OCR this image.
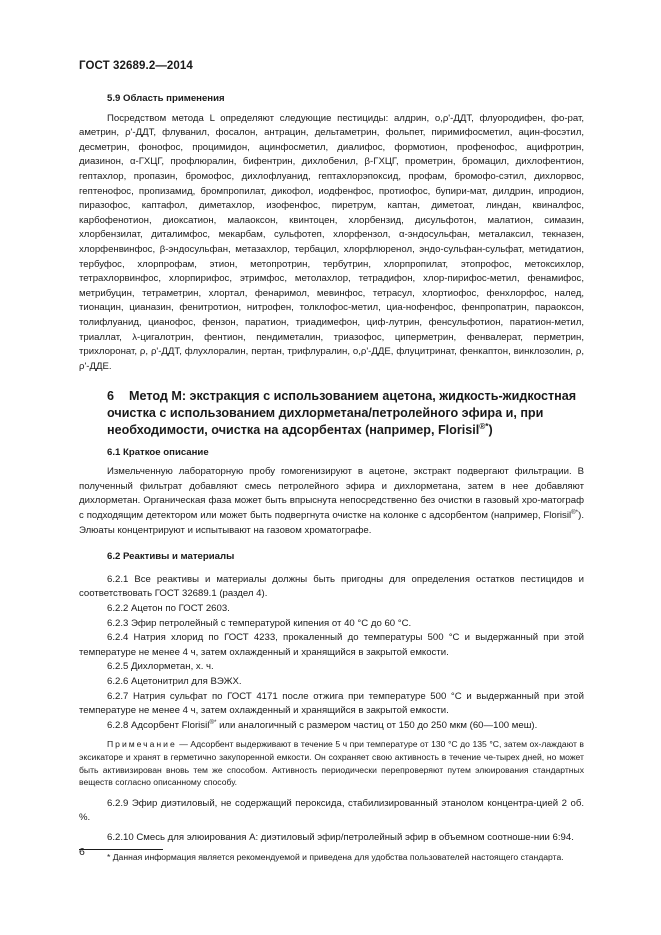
ГОСТ 32689.2—2014

5.9 Область применения

Посредством метода L определяют следующие пестициды: алдрин, о,ρ'-ДДТ, флуородифен, фо-рат, аметрин, ρ'-ДДТ, флуванил, фосалон, антрацин, дельтаметрин, фольпет, пиримифосметил, ацин-фосэтил, десметрин, фонофос, процимидон, ацинфосметил, диалифос, формотион, профенофос, ацифротрин, диазинон, α-ГХЦГ, профлюралин, бифентрин, дихлобенил, β-ГХЦГ, прометрин, бромацил, дихлофентион, гептахлор, пропазин, бромофос, дихлофлуанид, гептахлорэпоксид, профам, бромофо-сэтил, дихлорвос, гептенофос, пропизамид, бромпропилат, дикофол, иодфенфос, протиофос, бупири-мат, дилдрин, ипродион, пиразофос, каптафол, диметахлор, изофенфос, пиретрум, каптан, диметоат, линдан, квиналфос, карбофенотион, диоксатион, малаоксон, квинтоцен, хлорбензид, дисульфотон, малатион, симазин, хлорбензилат, диталимфос, мекарбам, сульфотеп, хлорфензол, α-эндосульфан, металаксил, текназен, хлорфенвинфос, β-эндосульфан, метазахлор, тербацил, хлорфлюренол, эндо-сульфан-сульфат, метидатион, тербуфос, хлорпрофам, этион, метопротрин, тербутрин, хлорпропилат, этопрофос, метоксихлор, тетрахлорвинфос, хлорпирифос, этримфос, метолахлор, тетрадифон, хлор-пирифос-метил, фенамифос, метрибуцин, тетраметрин, хлортал, фенаримол, мевинфос, тетрасул, хлортиофос, фенхлорфос, налед, тионацин, цианазин, фенитротион, нитрофен, толклофос-метил, циа-нофенфос, фенпропатрин, параоксон, толифлуанид, цианофос, фензон, паратион, триадимефон, циф-лутрин, фенсульфотион, паратион-метил, триаллат, λ-цигалотрин, фентион, пендиметалин, триазофос, циперметрин, фенвалерат, перметрин, трихлоронат, ρ, ρ'-ДДТ, флухлоралин, пертан, трифлуралин, о,ρ'-ДДЕ, флуцитринат, фенкаптон, винклозолин, ρ, ρ'-ДДЕ.

6 Метод M: экстракция с использованием ацетона, жидкость-жидкостная
очистка с использованием дихлорметана/петролейного эфира и, при
необходимости, очистка на адсорбентах (например, Florisil®*)

6.1 Краткое описание

Измельченную лабораторную пробу гомогенизируют в ацетоне, экстракт подвергают фильтрации. В полученный фильтрат добавляют смесь петролейного эфира и дихлорметана, затем в нее добавляют дихлорметан. Органическая фаза может быть впрыснута непосредственно без очистки в газовый хро-матограф с подходящим детектором или может быть подвергнута очистке на колонке с адсорбентом (например, Florisil®*). Элюаты концентрируют и испытывают на газовом хроматографе.

6.2 Реактивы и материалы

6.2.1 Все реактивы и материалы должны быть пригодны для определения остатков пестицидов и соответствовать ГОСТ 32689.1 (раздел 4).

6.2.2 Ацетон по ГОСТ 2603.

6.2.3 Эфир петролейный с температурой кипения от 40 °С до 60 °С.

6.2.4 Натрия хлорид по ГОСТ 4233, прокаленный до температуры 500 °С и выдержанный при этой температуре не менее 4 ч, затем охлажденный и хранящийся в закрытой емкости.

6.2.5 Дихлорметан, х. ч.

6.2.6 Ацетонитрил для ВЭЖХ.

6.2.7 Натрия сульфат по ГОСТ 4171 после отжига при температуре 500 °С и выдержанный при этой температуре не менее 4 ч, затем охлажденный и хранящийся в закрытой емкости.

6.2.8 Адсорбент Florisil®* или аналогичный с размером частиц от 150 до 250 мкм (60—100 меш).

Примечание — Адсорбент выдерживают в течение 5 ч при температуре от 130 °С до 135 °С, затем ох-лаждают в эксикаторе и хранят в герметично закупоренной емкости. Он сохраняет свою активность в течение че-тырех дней, но может быть активизирован вновь тем же способом. Активность периодически перепроверяют путем элюирования стандартных веществ согласно описанному способу.

6.2.9 Эфир диэтиловый, не содержащий пероксида, стабилизированный этанолом концентра-цией 2 об. %.

6.2.10 Смесь для элюирования А: диэтиловый эфир/петролейный эфир в объемном соотноше-нии 6:94.

* Данная информация является рекомендуемой и приведена для удобства пользователей настоящего стандарта.

6
